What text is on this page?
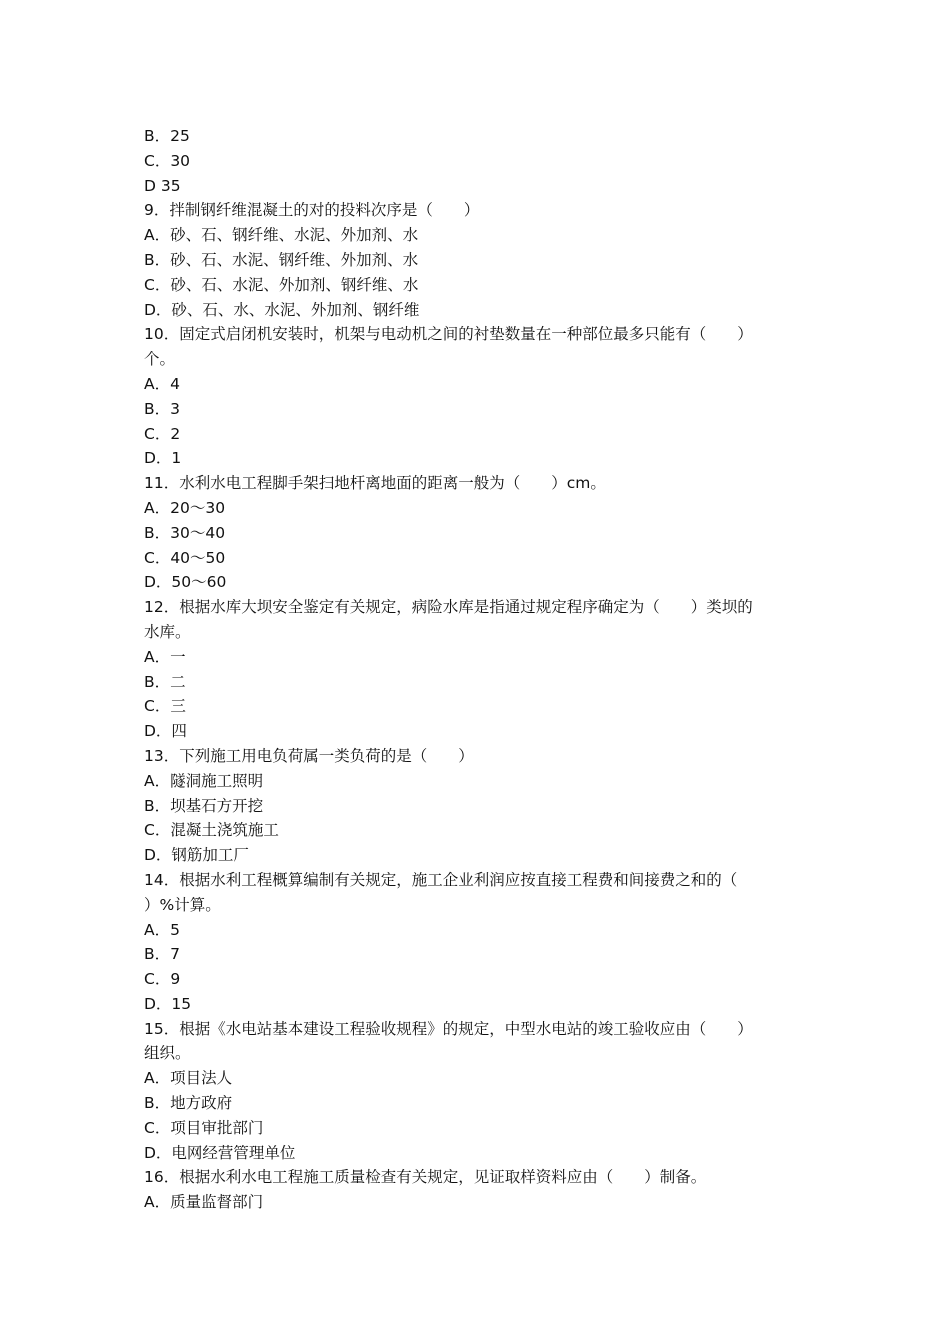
B．25
C．30
D 35
9．拌制钢纤维混凝土的对的投料次序是（　　）
A．砂、石、钢纤维、水泥、外加剂、水
B．砂、石、水泥、钢纤维、外加剂、水
C．砂、石、水泥、外加剂、钢纤维、水
D．砂、石、水、水泥、外加剂、钢纤维
10．固定式启闭机安装时，机架与电动机之间的衬垫数量在一种部位最多只能有（　　）
个。
A．4
B．3
C．2
D．1
11．水利水电工程脚手架扫地杆离地面的距离一般为（　　）cm。
A．20～30
B．30～40
C．40～50
D．50～60
12．根据水库大坝安全鉴定有关规定，病险水库是指通过规定程序确定为（　　）类坝的
水库。
A．一
B．二
C．三
D．四
13．下列施工用电负荷属一类负荷的是（　　）
A．隧洞施工照明
B．坝基石方开挖
C．混凝土浇筑施工
D．钢筋加工厂
14．根据水利工程概算编制有关规定，施工企业利润应按直接工程费和间接费之和的（
）%计算。
A．5
B．7
C．9
D．15
15．根据《水电站基本建设工程验收规程》的规定，中型水电站的竣工验收应由（　　）
组织。
A．项目法人
B．地方政府
C．项目审批部门
D．电网经营管理单位
16．根据水利水电工程施工质量检查有关规定，见证取样资料应由（　　）制备。
A．质量监督部门
